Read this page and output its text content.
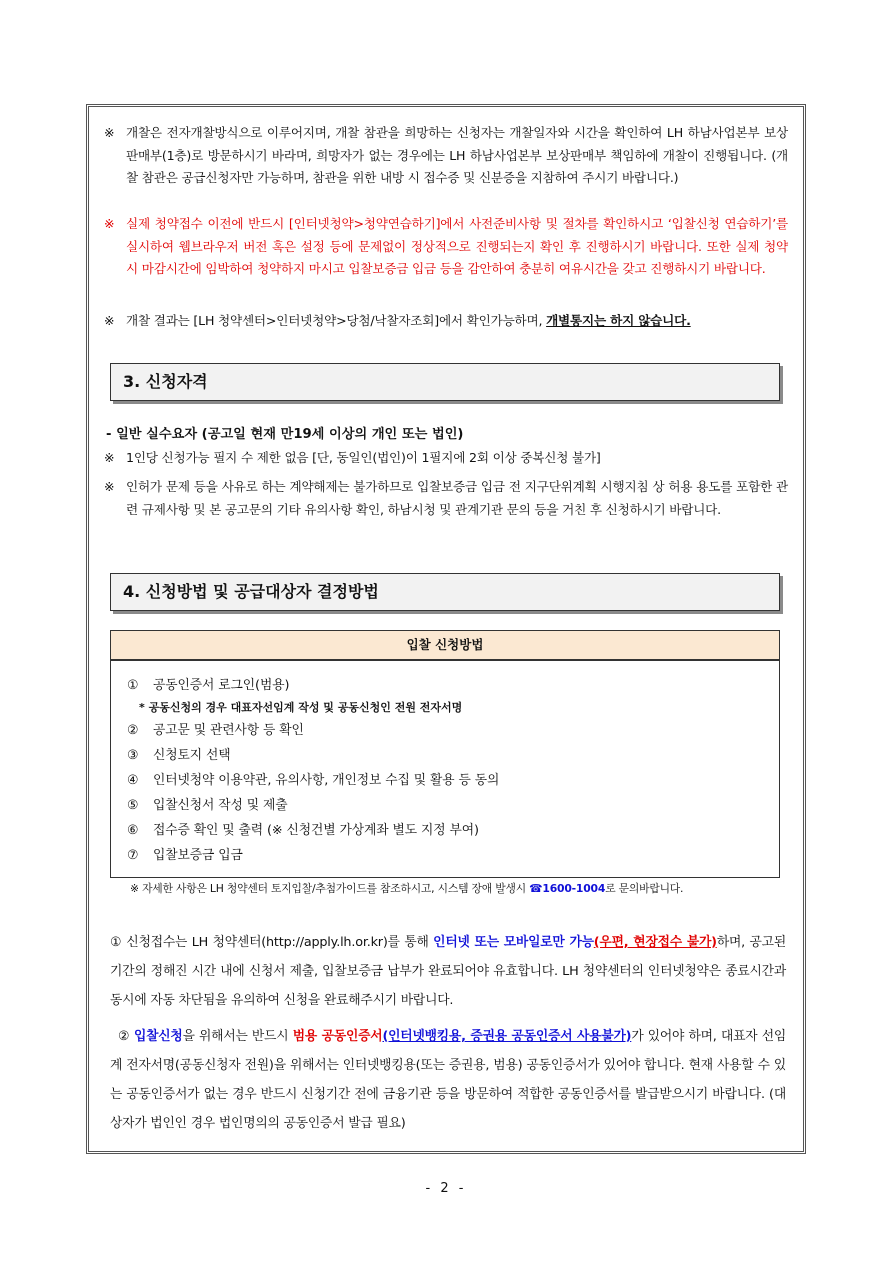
※ 개찰은 전자개찰방식으로 이루어지며, 개찰 참관을 희망하는 신청자는 개찰일자와 시간을 확인하여 LH 하남사업본부 보상판매부(1층)로 방문하시기 바라며, 희망자가 없는 경우에는 LH 하남사업본부 보상판매부 책임하에 개찰이 진행됩니다. (개찰 참관은 공급신청자만 가능하며, 참관을 위한 내방 시 접수증 및 신분증을 지참하여 주시기 바랍니다.)
※ 실제 청약접수 이전에 반드시 [인터넷청약>청약연습하기]에서 사전준비사항 및 절차를 확인하시고 ‘입찰신청 연습하기’를 실시하여 웹브라우저 버전 혹은 설정 등에 문제없이 정상적으로 진행되는지 확인 후 진행하시기 바랍니다. 또한 실제 청약 시 마감시간에 임박하여 청약하지 마시고 입찰보증금 입금 등을 감안하여 충분히 여유시간을 갖고 진행하시기 바랍니다.
※ 개찰 결과는 [LH 청약센터>인터넷청약>당첨/낙찰자조회]에서 확인가능하며, 개별통지는 하지 않습니다.
3. 신청자격
- 일반 실수요자 (공고일 현재 만19세 이상의 개인 또는 법인)
※ 1인당 신청가능 필지 수 제한 없음 [단, 동일인(법인)이 1필지에 2회 이상 중복신청 불가]
※ 인허가 문제 등을 사유로 하는 계약해제는 불가하므로 입찰보증금 입금 전 지구단위계획 시행지침 상 허용 용도를 포함한 관련 규제사항 및 본 공고문의 기타 유의사항 확인, 하남시청 및 관계기관 문의 등을 거친 후 신청하시기 바랍니다.
4. 신청방법 및 공급대상자 결정방법
입찰 신청방법
① 공동인증서 로그인(범용)
* 공동신청의 경우 대표자선임계 작성 및 공동신청인 전원 전자서명
② 공고문 및 관련사항 등 확인
③ 신청토지 선택
④ 인터넷청약 이용약관, 유의사항, 개인정보 수집 및 활용 등 동의
⑤ 입찰신청서 작성 및 제출
⑥ 접수증 확인 및 출력 (※ 신청건별 가상계좌 별도 지정 부여)
⑦ 입찰보증금 입금
※ 자세한 사항은 LH 청약센터 토지입찰/추첨가이드를 참조하시고, 시스템 장애 발생시 ☎1600-1004로 문의바랍니다.
① 신청접수는 LH 청약센터(http://apply.lh.or.kr)를 통해 인터넷 또는 모바일로만 가능(우편, 현장접수 불가)하며, 공고된 기간의 정해진 시간 내에 신청서 제출, 입찰보증금 납부가 완료되어야 유효합니다. LH 청약센터의 인터넷청약은 종료시간과 동시에 자동 차단됨을 유의하여 신청을 완료해주시기 바랍니다.
② 입찰신청을 위해서는 반드시 범용 공동인증서(인터넷뱅킹용, 증권용 공동인증서 사용불가)가 있어야 하며, 대표자 선임계 전자서명(공동신청자 전원)을 위해서는 인터넷뱅킹용(또는 증권용, 범용) 공동인증서가 있어야 합니다. 현재 사용할 수 있는 공동인증서가 없는 경우 반드시 신청기간 전에 금융기관 등을 방문하여 적합한 공동인증서를 발급받으시기 바랍니다. (대상자가 법인인 경우 법인명의의 공동인증서 발급 필요)
- 2 -
